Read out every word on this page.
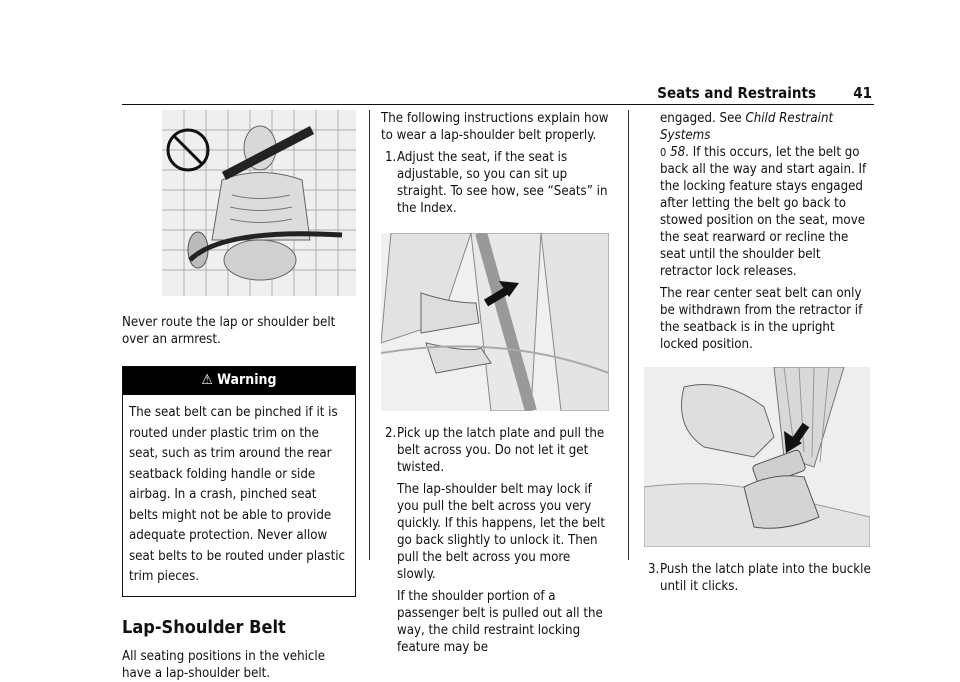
Seats and Restraints 41

Never route the lap or shoulder belt over an armrest.

⚠ Warning
The seat belt can be pinched if it is routed under plastic trim on the seat, such as trim around the rear seatback folding handle or side airbag. In a crash, pinched seat belts might not be able to provide adequate protection. Never allow seat belts to be routed under plastic trim pieces.
Lap-Shoulder Belt

All seating positions in the vehicle have a lap-shoulder belt.

The following instructions explain how to wear a lap-shoulder belt properly.

1. Adjust the seat, if the seat is adjustable, so you can sit up straight. To see how, see “Seats” in the Index.
2. Pick up the latch plate and pull the belt across you. Do not let it get twisted.

The lap-shoulder belt may lock if you pull the belt across you very quickly. If this happens, let the belt go back slightly to unlock it. Then pull the belt across you more slowly.

If the shoulder portion of a passenger belt is pulled out all the way, the child restraint locking feature may be

engaged. See Child Restraint Systems
0 58. If this occurs, let the belt go back all the way and start again. If the locking feature stays engaged after letting the belt go back to stowed position on the seat, move the seat rearward or recline the seat until the shoulder belt retractor lock releases.

The rear center seat belt can only be withdrawn from the retractor if the seatback is in the upright locked position.

3. Push the latch plate into the buckle until it clicks.
